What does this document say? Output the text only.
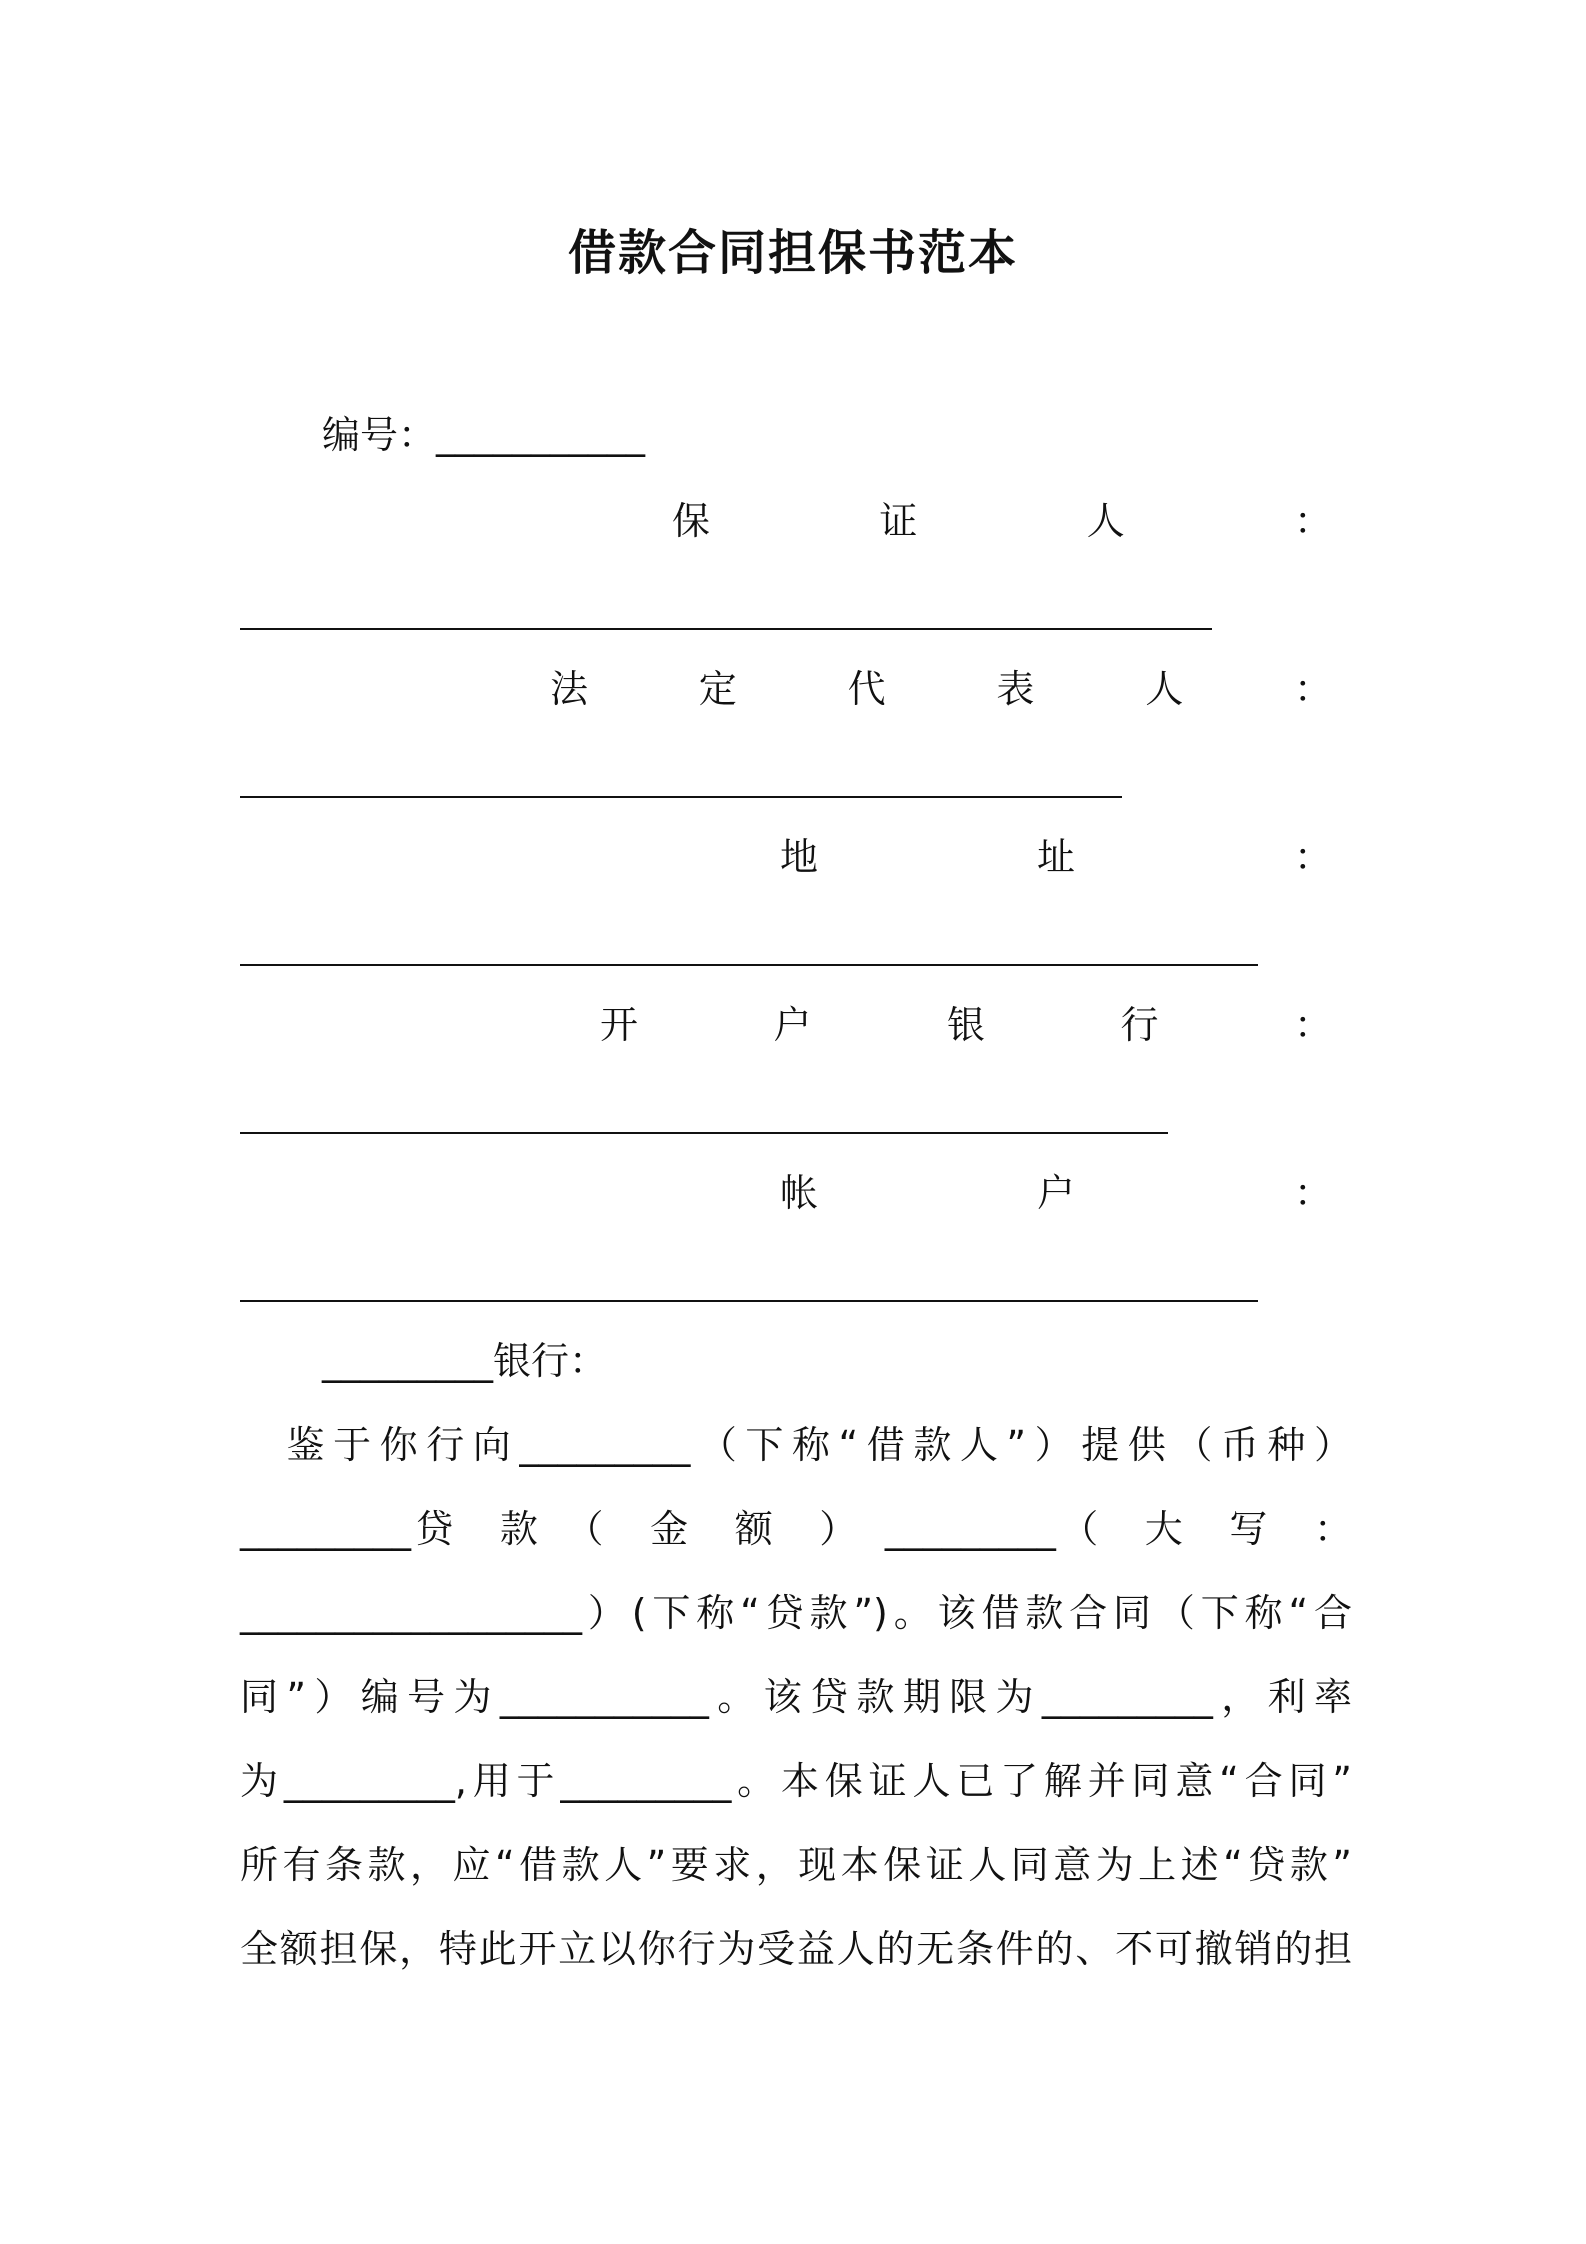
借款合同担保书范本
编号：___________
保	证	人	：
法	定	代	表	人	：
地	址	：
开	户	银	行	：
帐	户	：
_________银行：
　鉴于你行向_________（下称“借款人”）提供（币种）
_________贷　款　（　金　额　）　_________（　大　写　：
__________________）(下称“贷款”)。该借款合同（下称“合
同”）编号为___________。该贷款期限为_________，利率
为_________,用于_________。本保证人已了解并同意“合同”
所有条款，应“借款人”要求，现本保证人同意为上述“贷款”
全额担保，特此开立以你行为受益人的无条件的、不可撤销的担
